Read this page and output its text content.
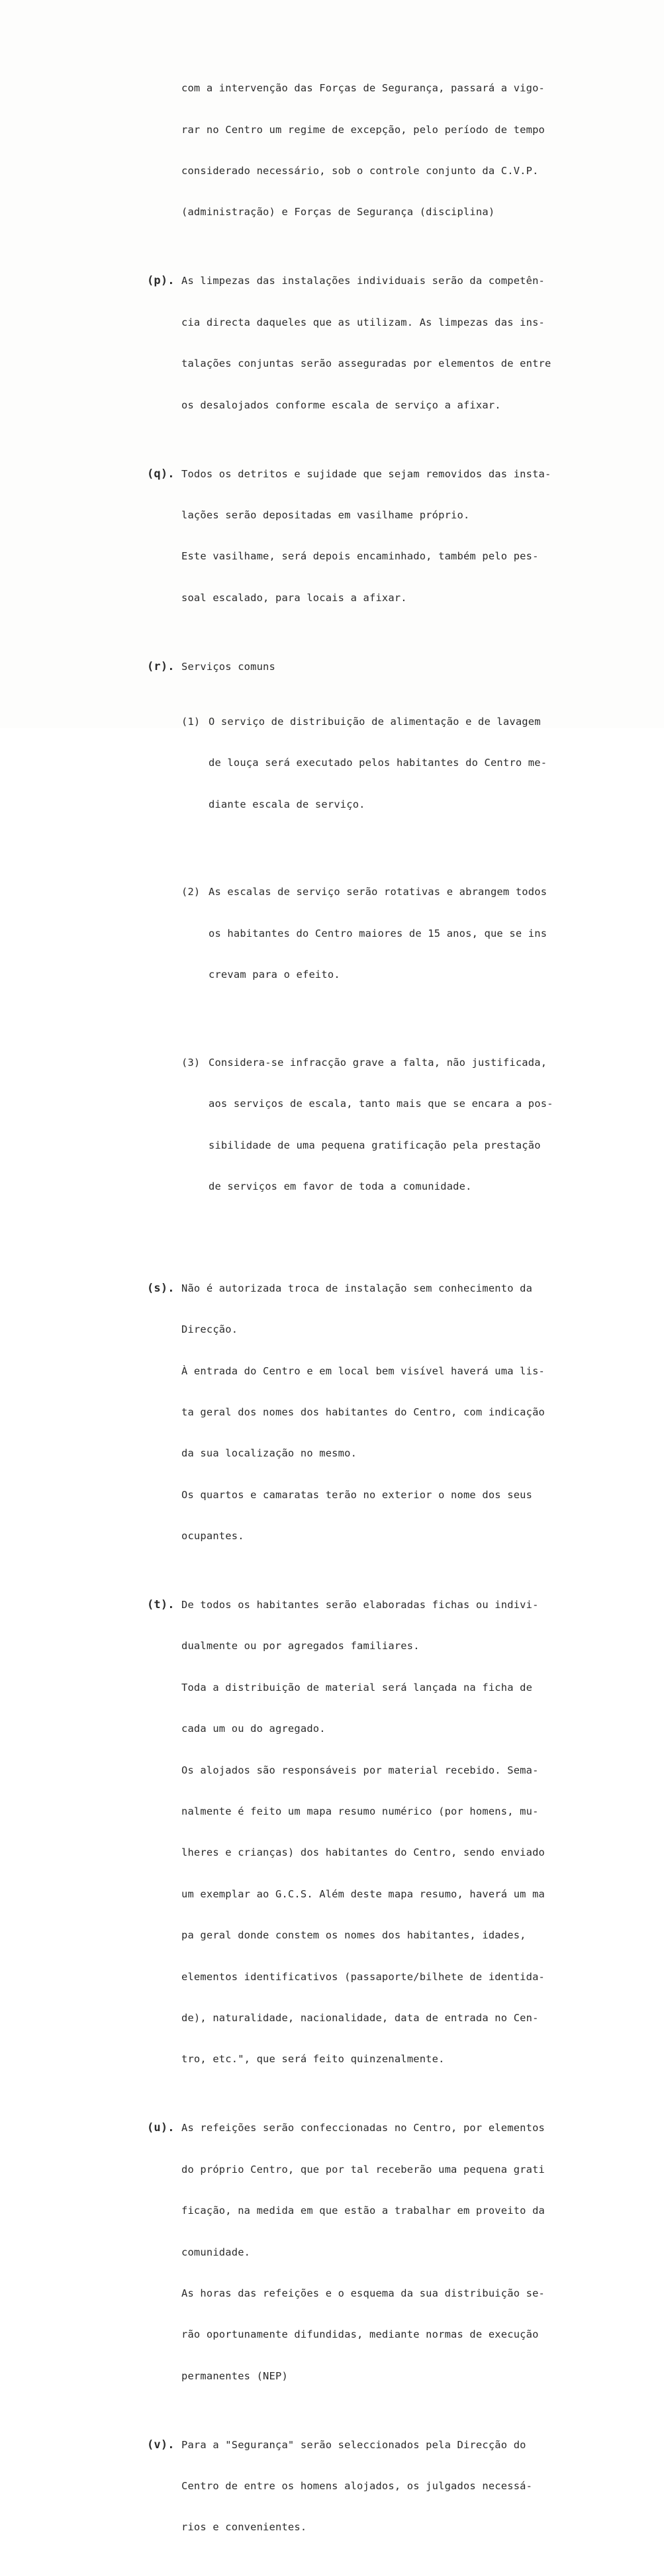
com a intervenção das Forças de Segurança, passará a vigo-

rar no Centro um regime de excepção, pelo período de tempo

considerado necessário, sob o controle conjunto da C.V.P.

(administração) e Forças de Segurança (disciplina)

(p). As limpezas das instalações individuais serão da competên-

cia directa daqueles que as utilizam. As limpezas das ins-

talações conjuntas serão asseguradas por elementos de entre

os desalojados conforme escala de serviço a afixar.

(q). Todos os detritos e sujidade que sejam removidos das insta-

lações serão depositadas em vasilhame próprio.

Este vasilhame, será depois encaminhado, também pelo pes-

soal escalado, para locais a afixar.

(r). Serviços comuns

(1) O serviço de distribuição de alimentação e de lavagem

de louça será executado pelos habitantes do Centro me-

diante escala de serviço.

(2) As escalas de serviço serão rotativas e abrangem todos

os habitantes do Centro maiores de 15 anos, que se ins

crevam para o efeito.

(3) Considera-se infracção grave a falta, não justificada,

aos serviços de escala, tanto mais que se encara a pos-

sibilidade de uma pequena gratificação pela prestação

de serviços em favor de toda a comunidade.

(s). Não é autorizada troca de instalação sem conhecimento da

Direcção.

À entrada do Centro e em local bem visível haverá uma lis-

ta geral dos nomes dos habitantes do Centro, com indicação

da sua localização no mesmo.

Os quartos e camaratas terão no exterior o nome dos seus

ocupantes.

(t). De todos os habitantes serão elaboradas fichas ou indivi-

dualmente ou por agregados familiares.

Toda a distribuição de material será lançada na ficha de

cada um ou do agregado.

Os alojados são responsáveis por material recebido. Sema-

nalmente é feito um mapa resumo numérico (por homens, mu-

lheres e crianças) dos habitantes do Centro, sendo enviado

um exemplar ao G.C.S. Além deste mapa resumo, haverá um ma

pa geral donde constem os nomes dos habitantes, idades,

elementos identificativos (passaporte/bilhete de identida-

de), naturalidade, nacionalidade, data de entrada no Cen-

tro, etc.", que será feito quinzenalmente.

(u). As refeições serão confeccionadas no Centro, por elementos

do próprio Centro, que por tal receberão uma pequena grati

ficação, na medida em que estão a trabalhar em proveito da

comunidade.

As horas das refeições e o esquema da sua distribuição se-

rão oportunamente difundidas, mediante normas de execução

permanentes (NEP)

(v). Para a "Segurança" serão seleccionados pela Direcção do

Centro de entre os homens alojados, os julgados necessá-

rios e convenientes.
